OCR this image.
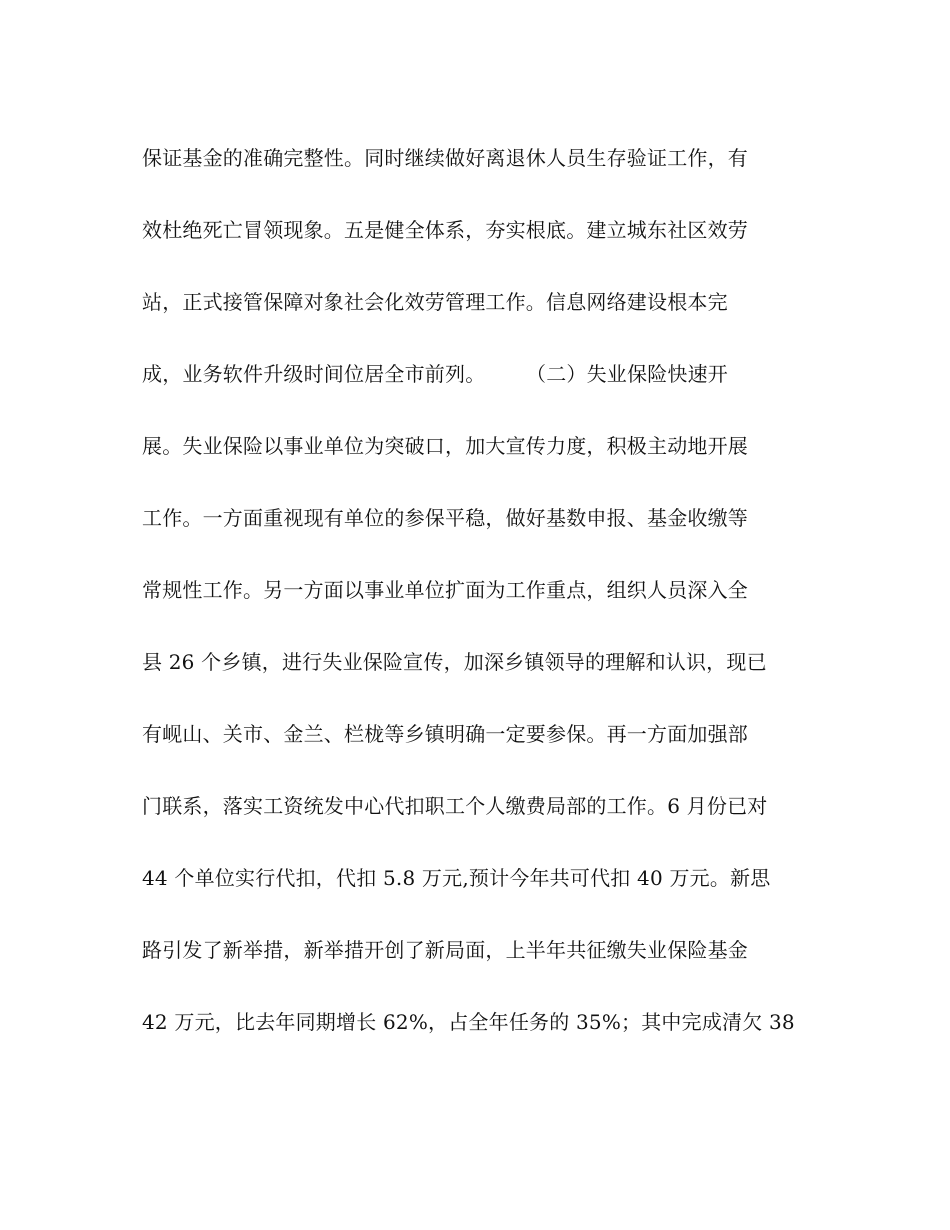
保证基金的准确完整性。同时继续做好离退休人员生存验证工作，有
效杜绝死亡冒领现象。五是健全体系，夯实根底。建立城东社区效劳
站，正式接管保障对象社会化效劳管理工作。信息网络建设根本完
成，业务软件升级时间位居全市前列。　　　（二）失业保险快速开
展。失业保险以事业单位为突破口，加大宣传力度，积极主动地开展
工作。一方面重视现有单位的参保平稳，做好基数申报、基金收缴等
常规性工作。另一方面以事业单位扩面为工作重点，组织人员深入全
县 26 个乡镇，进行失业保险宣传，加深乡镇领导的理解和认识，现已
有岘山、关市、金兰、栏栊等乡镇明确一定要参保。再一方面加强部
门联系，落实工资统发中心代扣职工个人缴费局部的工作。6 月份已对
44 个单位实行代扣，代扣 5.8 万元,预计今年共可代扣 40 万元。新思
路引发了新举措，新举措开创了新局面，上半年共征缴失业保险基金
42 万元，比去年同期增长 62%，占全年任务的 35%；其中完成清欠 38
